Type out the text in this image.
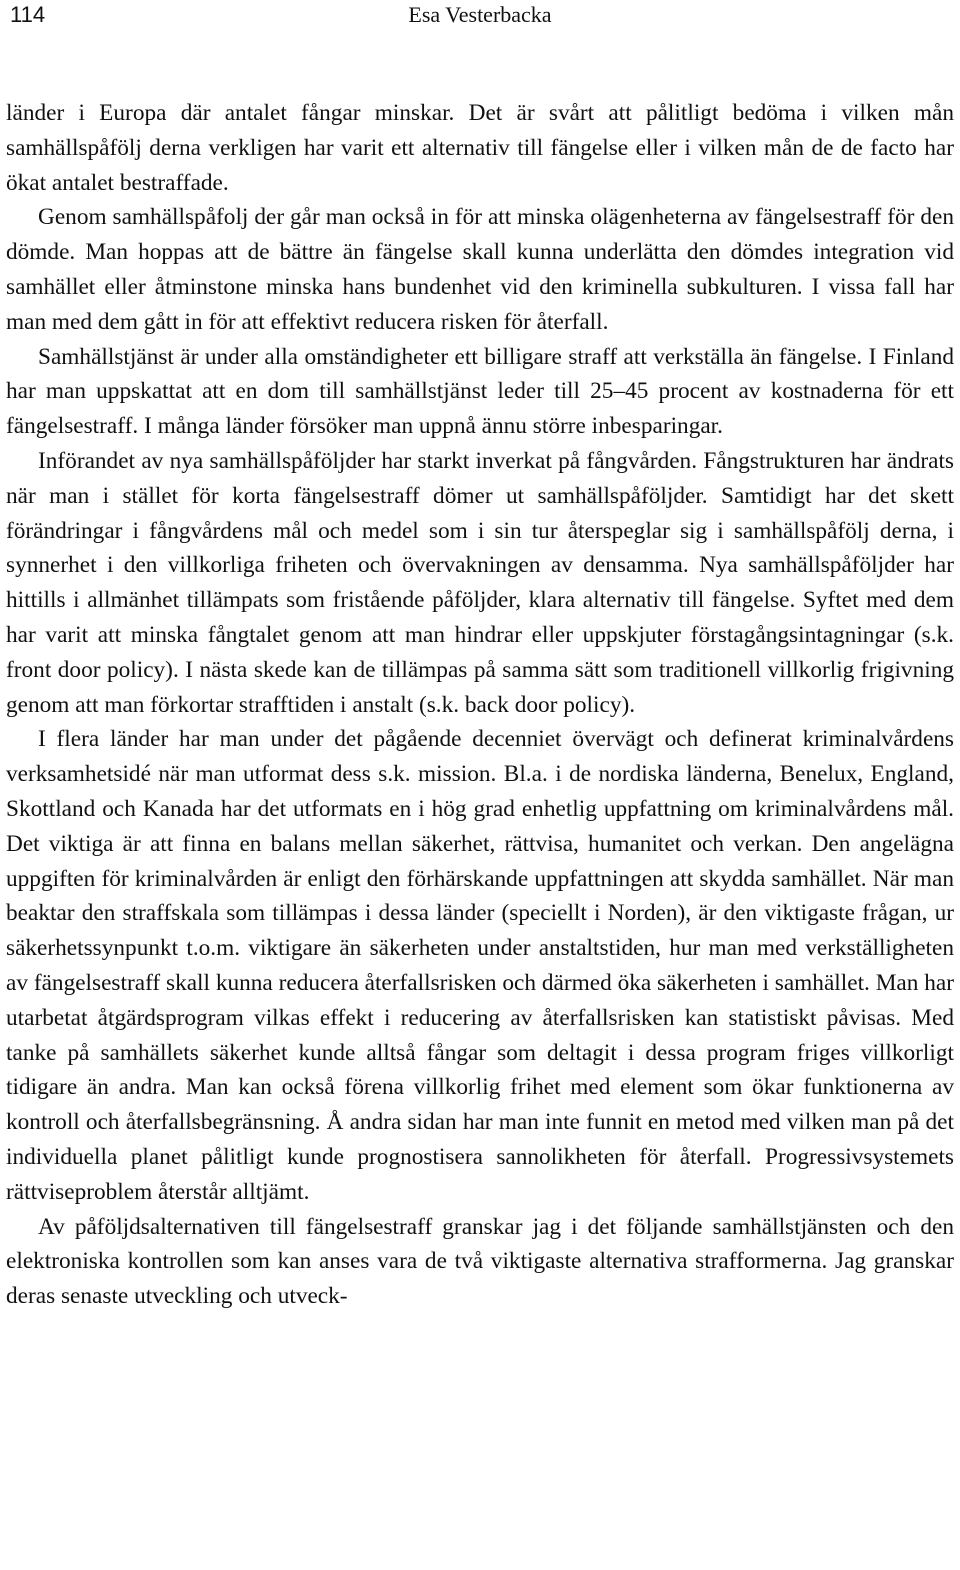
114	Esa Vesterbacka

länder i Europa där antalet fångar minskar. Det är svårt att pålitligt bedöma i vilken mån samhällspåfölj derna verkligen har varit ett alternativ till fängelse eller i vilken mån de de facto har ökat antalet bestraffade.

Genom samhällspåfolj der går man också in för att minska olägenheterna av fängelsestraff för den dömde. Man hoppas att de bättre än fängelse skall kunna underlätta den dömdes integration vid samhället eller åtminstone minska hans bundenhet vid den kriminella subkulturen. I vissa fall har man med dem gått in för att effektivt reducera risken för återfall.

Samhällstjänst är under alla omständigheter ett billigare straff att verkställa än fängelse. I Finland har man uppskattat att en dom till samhällstjänst leder till 25–45 procent av kostnaderna för ett fängelsestraff. I många länder försöker man uppnå ännu större inbesparingar.

Införandet av nya samhällspåföljder har starkt inverkat på fångvården. Fångstrukturen har ändrats när man i stället för korta fängelsestraff dömer ut samhällspåföljder. Samtidigt har det skett förändringar i fångvårdens mål och medel som i sin tur återspeglar sig i samhällspåfölj derna, i synnerhet i den villkorliga friheten och övervakningen av densamma. Nya samhällspåföljder har hittills i allmänhet tillämpats som fristående påföljder, klara alternativ till fängelse. Syftet med dem har varit att minska fångtalet genom att man hindrar eller uppskjuter förstagångsintagningar (s.k. front door policy). I nästa skede kan de tillämpas på samma sätt som traditionell villkorlig frigivning genom att man förkortar strafftiden i anstalt (s.k. back door policy).

I flera länder har man under det pågående decenniet övervägt och definerat kriminalvårdens verksamhetsidé när man utformat dess s.k. mission. Bl.a. i de nordiska länderna, Benelux, England, Skottland och Kanada har det utformats en i hög grad enhetlig uppfattning om kriminalvårdens mål. Det viktiga är att finna en balans mellan säkerhet, rättvisa, humanitet och verkan. Den angelägna uppgiften för kriminalvården är enligt den förhärskande uppfattningen att skydda samhället. När man beaktar den straffskala som tillämpas i dessa länder (speciellt i Norden), är den viktigaste frågan, ur säkerhetssynpunkt t.o.m. viktigare än säkerheten under anstaltstiden, hur man med verkställigheten av fängelsestraff skall kunna reducera återfallsrisken och därmed öka säkerheten i samhället. Man har utarbetat åtgärdsprogram vilkas effekt i reducering av återfallsrisken kan statistiskt påvisas. Med tanke på samhällets säkerhet kunde alltså fångar som deltagit i dessa program friges villkorligt tidigare än andra. Man kan också förena villkorlig frihet med element som ökar funktionerna av kontroll och återfallsbegränsning. Å andra sidan har man inte funnit en metod med vilken man på det individuella planet pålitligt kunde prognostisera sannolikheten för återfall. Progressivsystemets rättviseproblem återstår alltjämt.

Av påföljdsalternativen till fängelsestraff granskar jag i det följande samhällstjänsten och den elektroniska kontrollen som kan anses vara de två viktigaste alternativa strafformerna. Jag granskar deras senaste utveckling och utveck-
